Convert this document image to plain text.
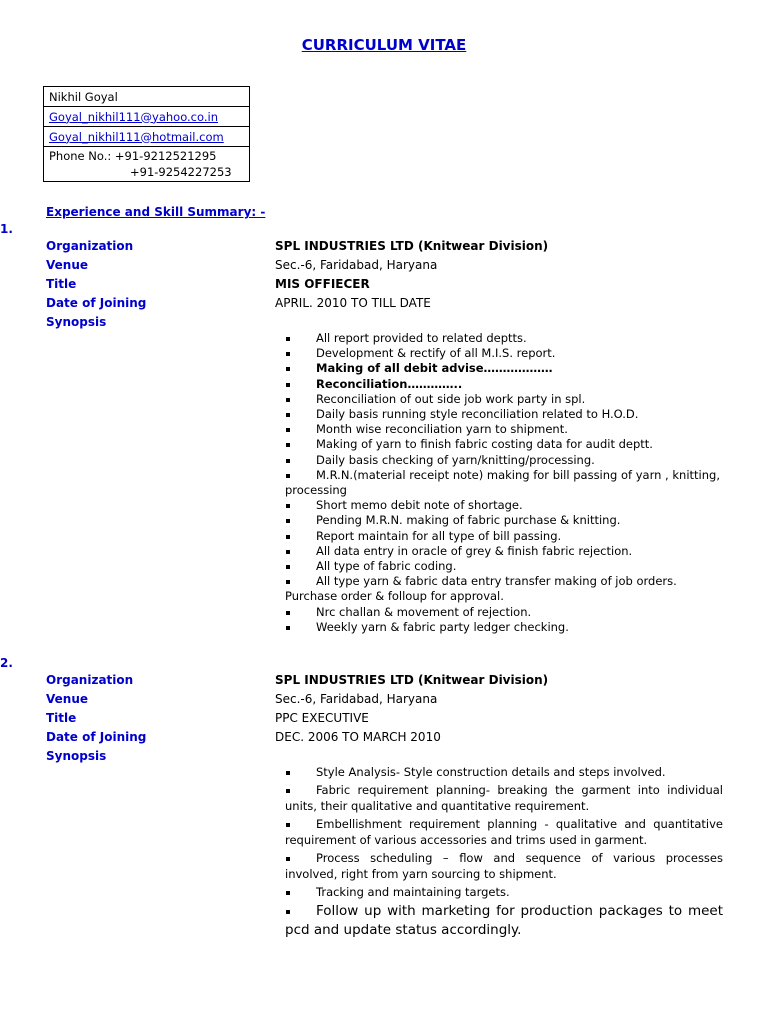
CURRICULUM VITAE
Nikhil Goyal
Goyal_nikhil111@yahoo.co.in
Goyal_nikhil111@hotmail.com

Phone No.: +91-9212521295
+91-9254227253
Experience and Skill Summary: -
1.
Organization	SPL INDUSTRIES LTD (Knitwear Division)
Venue	Sec.-6, Faridabad, Haryana
Title	MIS OFFIECER
Date of Joining	APRIL. 2010 TO TILL DATE
Synopsis
All report provided to related deptts.
Development & rectify of all M.I.S. report.
Making of all debit advise………………
Reconciliation…………..
Reconciliation of out side job work party in spl.
Daily basis running style reconciliation related to H.O.D.
Month wise reconciliation yarn to shipment.
Making of yarn to finish fabric costing data for audit deptt.
Daily basis checking of yarn/knitting/processing.
M.R.N.(material receipt note) making for bill passing of yarn , knitting, processing
Short memo debit note of shortage.
Pending M.R.N. making of fabric purchase & knitting.
Report maintain for all type of bill passing.
All data entry in oracle of grey & finish fabric rejection.
All type of fabric coding.
All type yarn & fabric data entry transfer making of job orders. Purchase order & folloup for approval.
Nrc challan & movement of rejection.
Weekly yarn & fabric party ledger checking.
2.
Organization	SPL INDUSTRIES LTD (Knitwear Division)
Venue	Sec.-6, Faridabad, Haryana
Title	PPC EXECUTIVE
Date of Joining	DEC. 2006 TO MARCH 2010
Synopsis
Style Analysis- Style construction details and steps involved.
Fabric requirement planning- breaking the garment into individual units, their qualitative and quantitative requirement.
Embellishment requirement planning - qualitative and quantitative requirement of various accessories and trims used in garment.
Process scheduling – flow and sequence of various processes involved, right from yarn sourcing to shipment.
Tracking and maintaining targets.
Follow up with marketing for production packages to meet pcd and update status accordingly.
